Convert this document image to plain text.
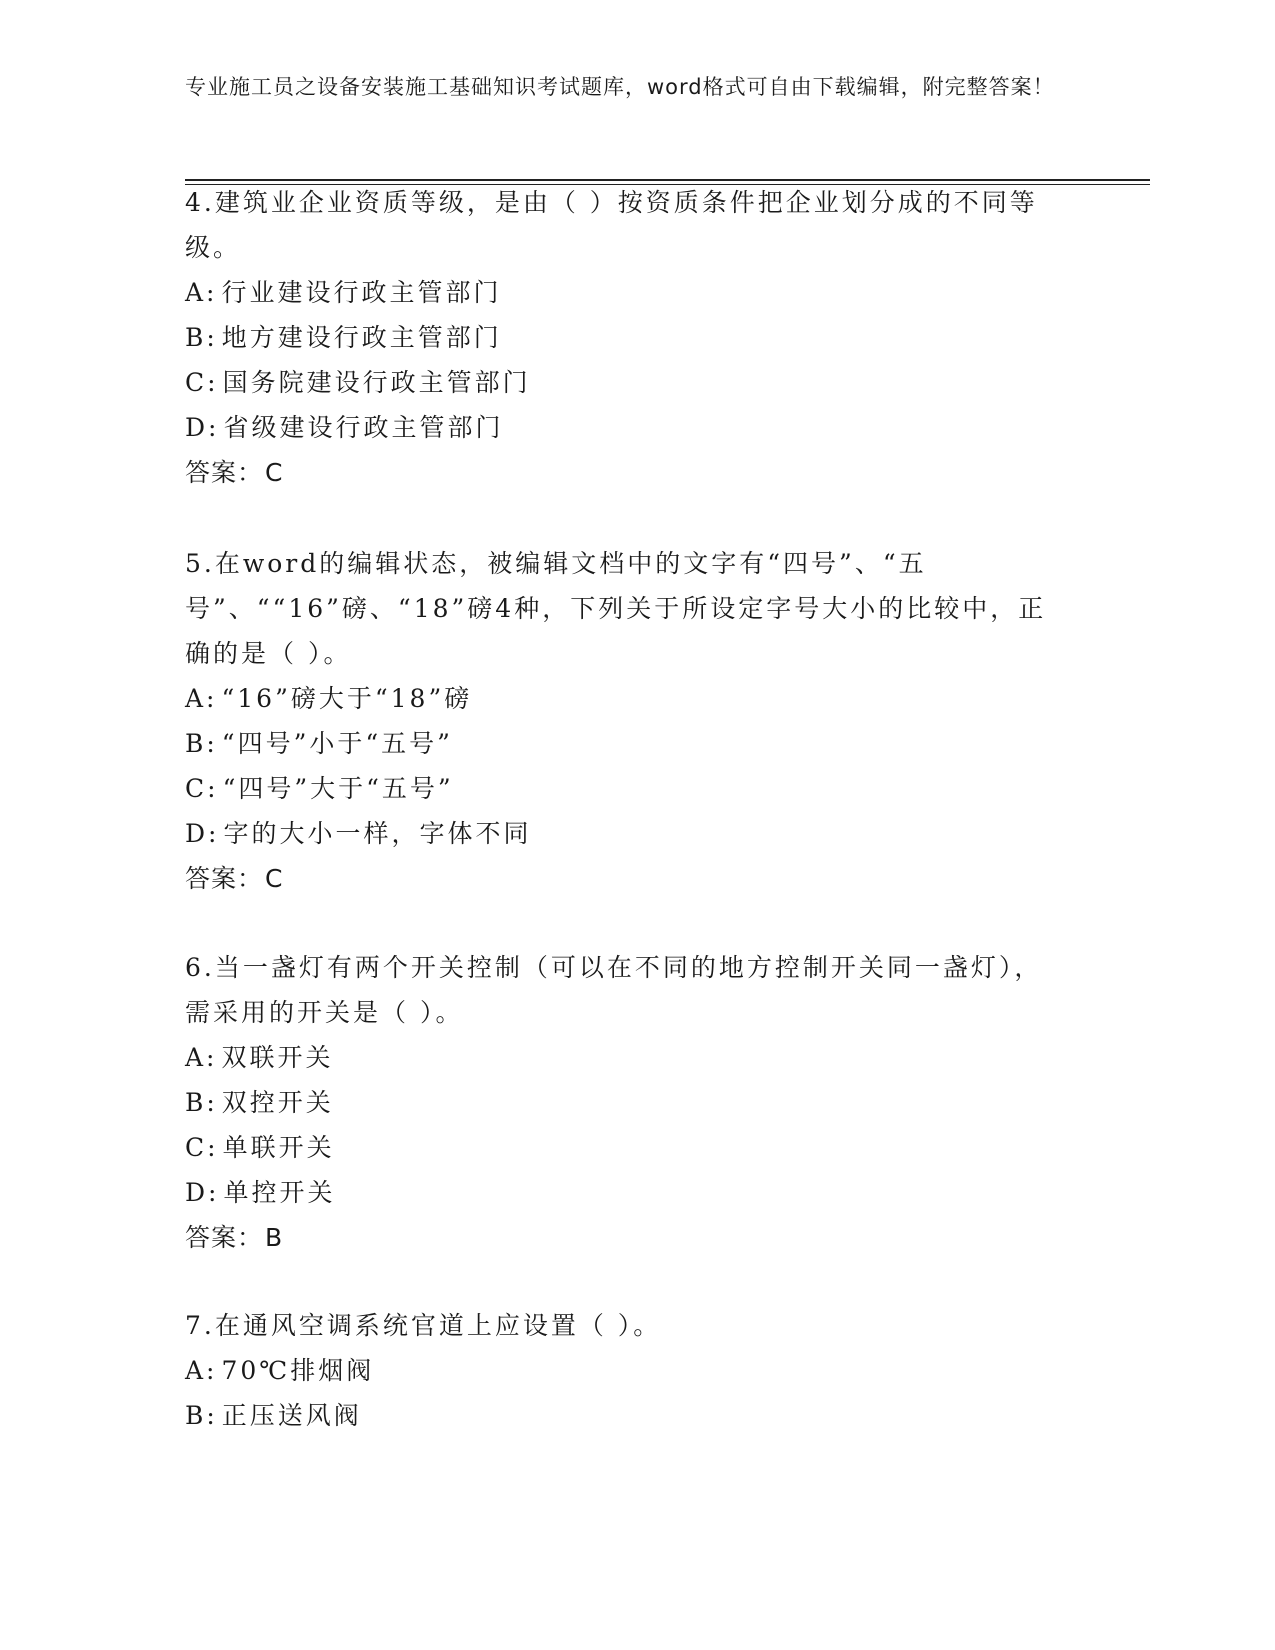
专业施工员之设备安装施工基础知识考试题库，word格式可自由下载编辑，附完整答案！
4.建筑业企业资质等级，是由（ ）按资质条件把企业划分成的不同等级。
A: 行业建设行政主管部门
B: 地方建设行政主管部门
C: 国务院建设行政主管部门
D: 省级建设行政主管部门
答案：C
5.在word的编辑状态，被编辑文档中的文字有“四号”、“五号”、““16”磅、“18”磅4种，下列关于所设定字号大小的比较中，正确的是（ ）。
A: “16”磅大于“18”磅
B: “四号”小于“五号”
C: “四号”大于“五号”
D: 字的大小一样，字体不同
答案：C
6.当一盏灯有两个开关控制（可以在不同的地方控制开关同一盏灯），需采用的开关是（ ）。
A: 双联开关
B: 双控开关
C: 单联开关
D: 单控开关
答案：B
7.在通风空调系统官道上应设置（ ）。
A: 70℃排烟阀
B: 正压送风阀
